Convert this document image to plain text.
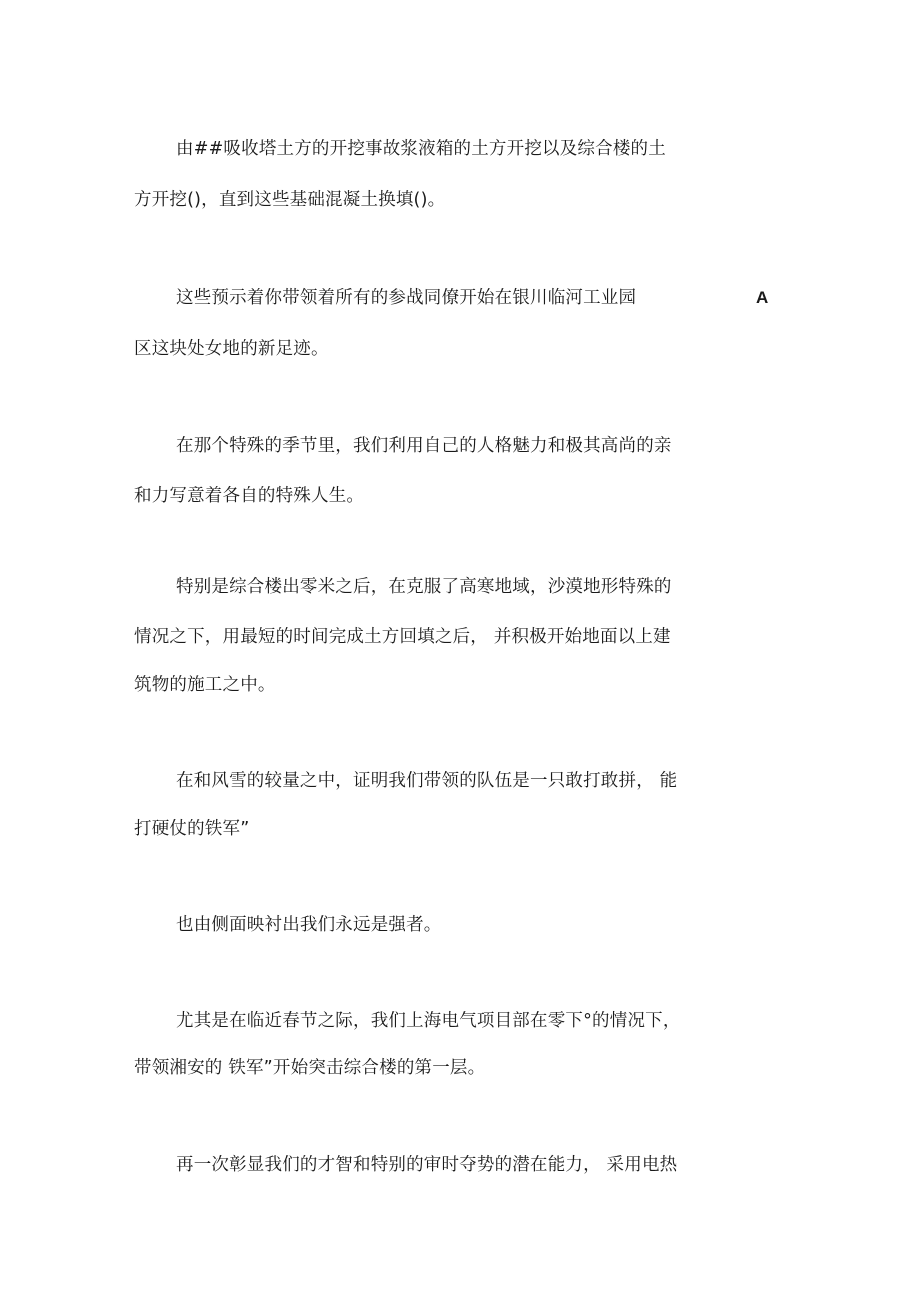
由##吸收塔土方的开挖事故浆液箱的土方开挖以及综合楼的土
方开挖()，直到这些基础混凝土换填()。
这些预示着你带领着所有的参战同僚开始在银川临河工业园	A
区这块处女地的新足迹。
在那个特殊的季节里，我们利用自己的人格魅力和极其高尚的亲
和力写意着各自的特殊人生。
特别是综合楼出零米之后，在克服了高寒地域，沙漠地形特殊的
情况之下，用最短的时间完成土方回填之后， 并积极开始地面以上建
筑物的施工之中。
在和风雪的较量之中，证明我们带领的队伍是一只敢打敢拼， 能
打硬仗的铁军”
也由侧面映衬出我们永远是强者。
尤其是在临近春节之际，我们上海电气项目部在零下°的情况下，
带领湘安的 铁军”开始突击综合楼的第一层。
再一次彰显我们的才智和特别的审时夺势的潜在能力， 采用电热
